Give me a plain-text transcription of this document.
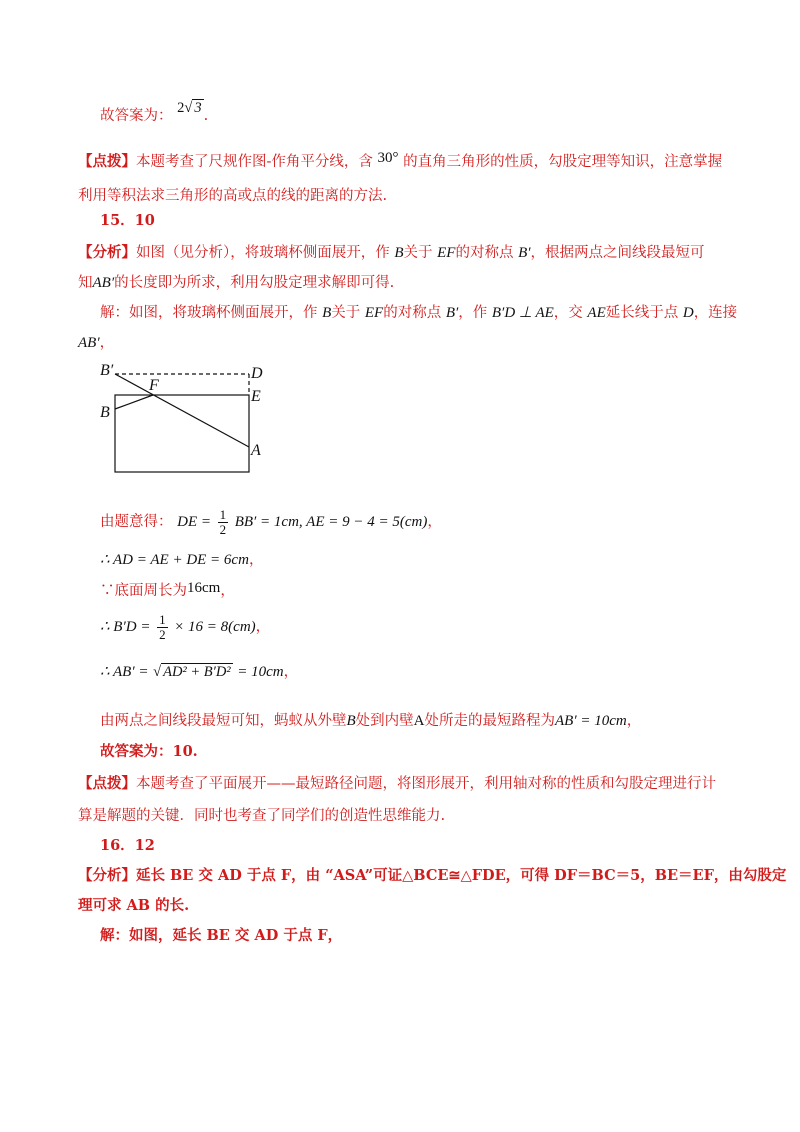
故答案为： 2√ 3 .
【点拨】本题考查了尺规作图-作角平分线，含 30° 的直角三角形的性质，勾股定理等知识，注意掌握
利用等积法求三角形的高或点的线的距离的方法.
15．10
【分析】如图（见分析），将玻璃杯侧面展开，作 B关于 EF的对称点 B′，根据两点之间线段最短可
知AB′的长度即为所求，利用勾股定理求解即可得.
解：如图，将玻璃杯侧面展开，作 B关于 EF的对称点 B′，作 B′D ⊥ AE，交 AE延长线于点 D，连接
AB′，
B′
F
D
E
B
A
由题意得： DE = $\frac{1}{2} BB' = 1cm$, AE = 9 − 4 = 5(cm)，
∴ AD = AE + DE = 6cm，
∵底面周长为16cm，
∴ $B'D = \frac{1}{2} \times 16 = 8(cm)$，
∴ AB′ = √ AD² + B′D² = 10cm，
由两点之间线段最短可知，蚂蚁从外壁B处到内壁A处所走的最短路程为AB′ = 10cm，
故答案为：10.
【点拨】本题考查了平面展开——最短路径问题，将图形展开，利用轴对称的性质和勾股定理进行计
算是解题的关键．同时也考查了同学们的创造性思维能力.
16．12
【分析】延长 BE 交 AD 于点 F，由 “ASA”可证△BCE≅△FDE，可得 DF＝BC＝5，BE＝EF，由勾股定
理可求 AB 的长.
解：如图，延长 BE 交 AD 于点 F，
